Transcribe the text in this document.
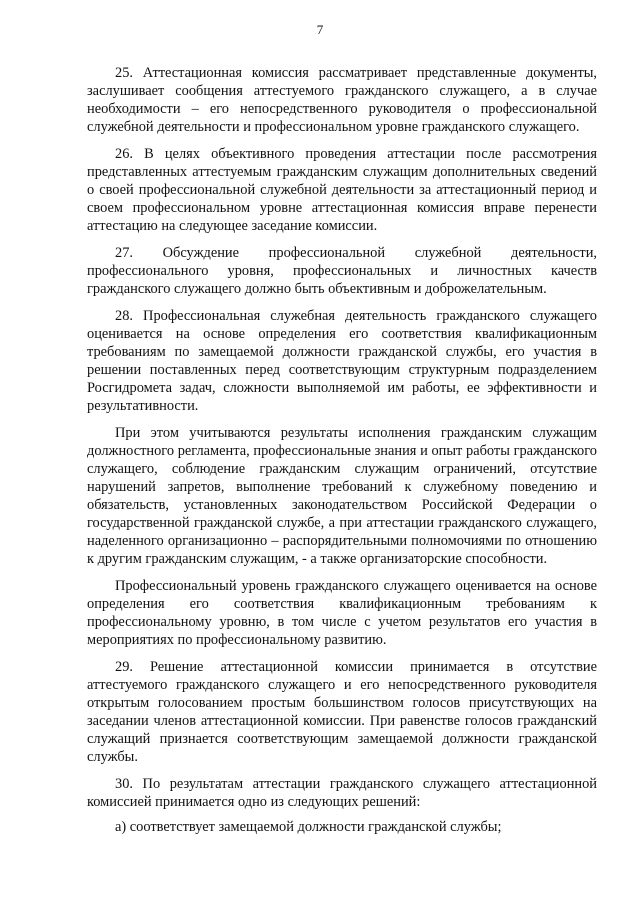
7

25. Аттестационная комиссия рассматривает представленные документы, заслушивает сообщения аттестуемого гражданского служащего, а в случае необходимости – его непосредственного руководителя о профессиональной служебной деятельности и профессиональном уровне гражданского служащего.

26. В целях объективного проведения аттестации после рассмотрения представленных аттестуемым гражданским служащим дополнительных сведений о своей профессиональной служебной деятельности за аттестационный период и своем профессиональном уровне аттестационная комиссия вправе перенести аттестацию на следующее заседание комиссии.

27. Обсуждение профессиональной служебной деятельности, профессионального уровня, профессиональных и личностных качеств гражданского служащего должно быть объективным и доброжелательным.

28. Профессиональная служебная деятельность гражданского служащего оценивается на основе определения его соответствия квалификационным требованиям по замещаемой должности гражданской службы, его участия в решении поставленных перед соответствующим структурным подразделением Росгидромета задач, сложности выполняемой им работы, ее эффективности и результативности.

При этом учитываются результаты исполнения гражданским служащим должностного регламента, профессиональные знания и опыт работы гражданского служащего, соблюдение гражданским служащим ограничений, отсутствие нарушений запретов, выполнение требований к служебному поведению и обязательств, установленных законодательством Российской Федерации о государственной гражданской службе, а при аттестации гражданского служащего, наделенного организационно – распорядительными полномочиями по отношению к другим гражданским служащим, - а также организаторские способности.

Профессиональный уровень гражданского служащего оценивается на основе определения его соответствия квалификационным требованиям к профессиональному уровню, в том числе с учетом результатов его участия в мероприятиях по профессиональному развитию.

29. Решение аттестационной комиссии принимается в отсутствие аттестуемого гражданского служащего и его непосредственного руководителя открытым голосованием простым большинством голосов присутствующих на заседании членов аттестационной комиссии. При равенстве голосов гражданский служащий признается соответствующим замещаемой должности гражданской службы.

30. По результатам аттестации гражданского служащего аттестационной комиссией принимается одно из следующих решений:

а) соответствует замещаемой должности гражданской службы;
